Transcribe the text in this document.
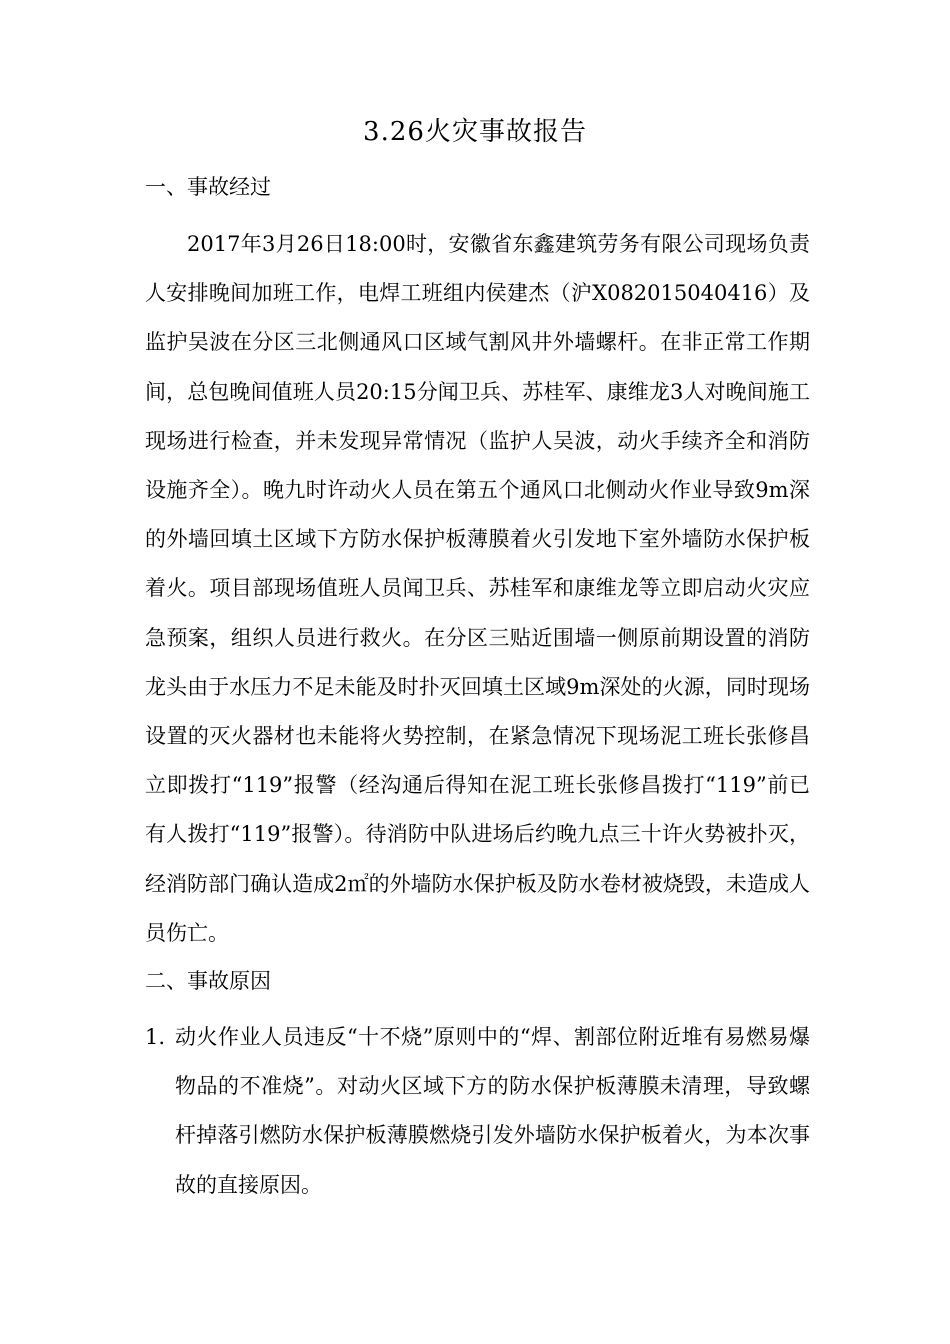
3.26火灾事故报告
一、事故经过

2017年3月26日18:00时，安徽省东鑫建筑劳务有限公司现场负责人安排晚间加班工作，电焊工班组内侯建杰（沪X082015040416）及监护吴波在分区三北侧通风口区域气割风井外墙螺杆。在非正常工作期间，总包晚间值班人员20:15分闻卫兵、苏桂军、康维龙3人对晚间施工现场进行检查，并未发现异常情况（监护人吴波，动火手续齐全和消防设施齐全）。晚九时许动火人员在第五个通风口北侧动火作业导致9m深的外墙回填土区域下方防水保护板薄膜着火引发地下室外墙防水保护板着火。项目部现场值班人员闻卫兵、苏桂军和康维龙等立即启动火灾应急预案，组织人员进行救火。在分区三贴近围墙一侧原前期设置的消防龙头由于水压力不足未能及时扑灭回填土区域9m深处的火源，同时现场设置的灭火器材也未能将火势控制，在紧急情况下现场泥工班长张修昌立即拨打“119”报警（经沟通后得知在泥工班长张修昌拨打“119”前已有人拨打“119”报警）。待消防中队进场后约晚九点三十许火势被扑灭，经消防部门确认造成2㎡的外墙防水保护板及防水卷材被烧毁，未造成人员伤亡。

二、事故原因
1. 动火作业人员违反“十不烧”原则中的“焊、割部位附近堆有易燃易爆物品的不准烧”。对动火区域下方的防水保护板薄膜未清理，导致螺杆掉落引燃防水保护板薄膜燃烧引发外墙防水保护板着火，为本次事故的直接原因。
